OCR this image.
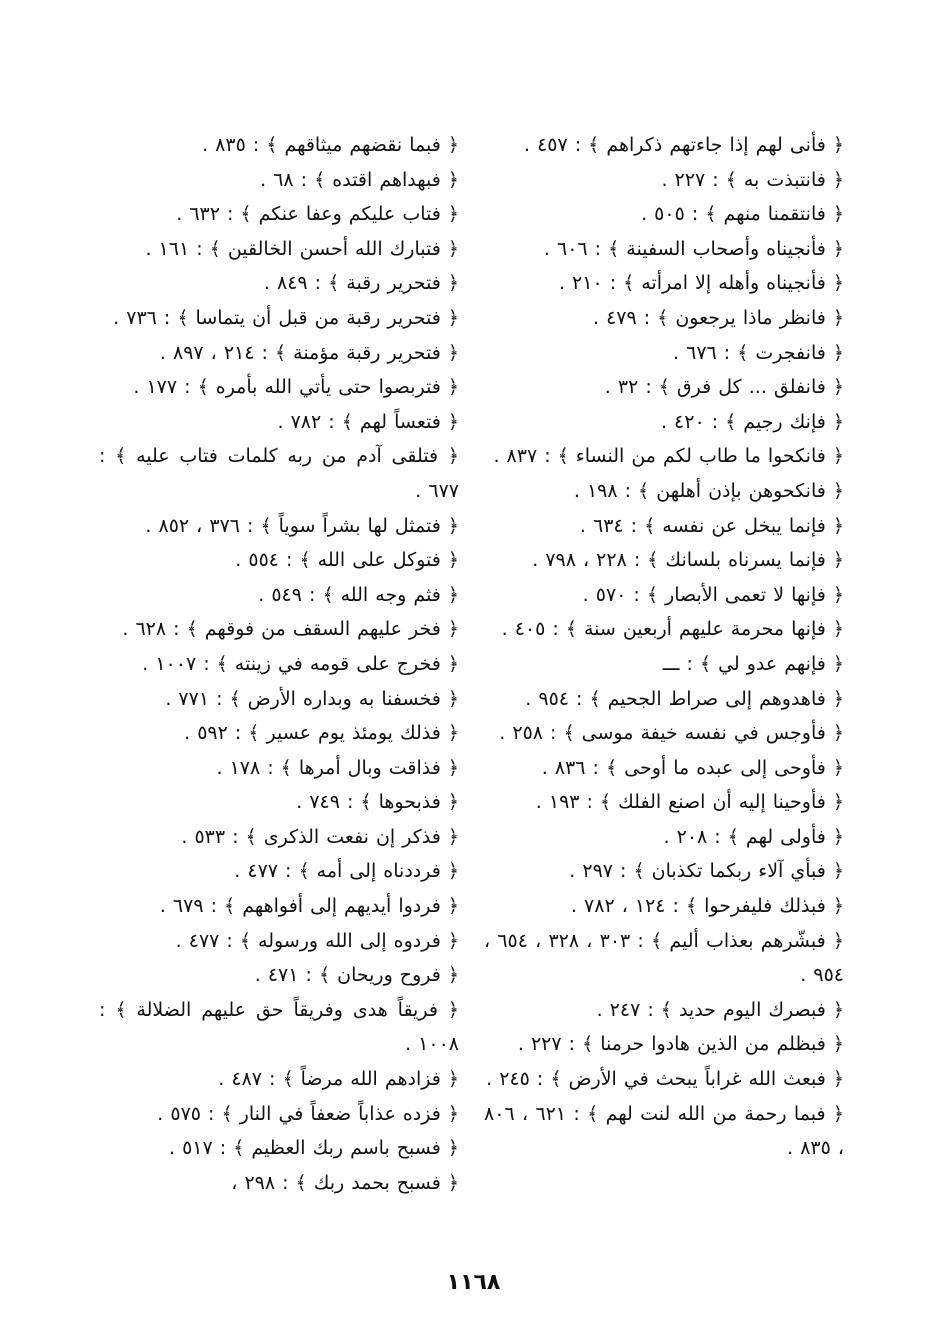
﴿ فأنى لهم إذا جاءتهم ذكراهم ﴾ : ٤٥٧ .
﴿ فانتبذت به ﴾ : ٢٢٧ .
﴿ فانتقمنا منهم ﴾ : ٥٠٥ .
﴿ فأنجيناه وأصحاب السفينة ﴾ : ٦٠٦ .
﴿ فأنجيناه وأهله إلا امرأته ﴾ : ٢١٠ .
﴿ فانظر ماذا يرجعون ﴾ : ٤٧٩ .
﴿ فانفجرت ﴾ : ٦٧٦ .
﴿ فانفلق ... كل فرق ﴾ : ٣٢ .
﴿ فإنك رجيم ﴾ : ٤٢٠ .
﴿ فانكحوا ما طاب لكم من النساء ﴾ : ٨٣٧ .
﴿ فانكحوهن بإذن أهلهن ﴾ : ١٩٨ .
﴿ فإنما يبخل عن نفسه ﴾ : ٦٣٤ .
﴿ فإنما يسرناه بلسانك ﴾ : ٢٢٨ ، ٧٩٨ .
﴿ فإنها لا تعمى الأبصار ﴾ : ٥٧٠ .
﴿ فإنها محرمة عليهم أربعين سنة ﴾ : ٤٠٥ .
﴿ فإنهم عدو لي ﴾ : ـــ
﴿ فاهدوهم إلى صراط الجحيم ﴾ : ٩٥٤ .
﴿ فأوجس في نفسه خيفة موسى ﴾ : ٢٥٨ .
﴿ فأوحى إلى عبده ما أوحى ﴾ : ٨٣٦ .
﴿ فأوحينا إليه أن اصنع الفلك ﴾ : ١٩٣ .
﴿ فأولى لهم ﴾ : ٢٠٨ .
﴿ فبأي آلاء ربكما تكذبان ﴾ : ٢٩٧ .
﴿ فبذلك فليفرحوا ﴾ : ١٢٤ ، ٧٨٢ .
﴿ فبشّرهم بعذاب أليم ﴾ : ٣٠٣ ، ٣٢٨ ، ٦٥٤ ، ٩٥٤ .
﴿ فبصرك اليوم حديد ﴾ : ٢٤٧ .
﴿ فبظلم من الذين هادوا حرمنا ﴾ : ٢٢٧ .
﴿ فبعث الله غراباً يبحث في الأرض ﴾ : ٢٤٥ .
﴿ فبما رحمة من الله لنت لهم ﴾ : ٦٢١ ، ٨٠٦ ، ٨٣٥ .
﴿ فبما نقضهم ميثاقهم ﴾ : ٨٣٥ .
﴿ فبهداهم اقتده ﴾ : ٦٨ .
﴿ فتاب عليكم وعفا عنكم ﴾ : ٦٣٢ .
﴿ فتبارك الله أحسن الخالقين ﴾ : ١٦١ .
﴿ فتحرير رقبة ﴾ : ٨٤٩ .
﴿ فتحرير رقبة من قبل أن يتماسا ﴾ : ٧٣٦ .
﴿ فتحرير رقبة مؤمنة ﴾ : ٢١٤ ، ٨٩٧ .
﴿ فتربصوا حتى يأتي الله بأمره ﴾ : ١٧٧ .
﴿ فتعساً لهم ﴾ : ٧٨٢ .
﴿ فتلقى آدم من ربه كلمات فتاب عليه ﴾ : ٦٧٧ .
﴿ فتمثل لها بشراً سوياً ﴾ : ٣٧٦ ، ٨٥٢ .
﴿ فتوكل على الله ﴾ : ٥٥٤ .
﴿ فثم وجه الله ﴾ : ٥٤٩ .
﴿ فخر عليهم السقف من فوقهم ﴾ : ٦٢٨ .
﴿ فخرج على قومه في زينته ﴾ : ١٠٠٧ .
﴿ فخسفنا به وبداره الأرض ﴾ : ٧٧١ .
﴿ فذلك يومئذ يوم عسير ﴾ : ٥٩٢ .
﴿ فذاقت وبال أمرها ﴾ : ١٧٨ .
﴿ فذبحوها ﴾ : ٧٤٩ .
﴿ فذكر إن نفعت الذكرى ﴾ : ٥٣٣ .
﴿ فرددناه إلى أمه ﴾ : ٤٧٧ .
﴿ فردوا أيديهم إلى أفواههم ﴾ : ٦٧٩ .
﴿ فردوه إلى الله ورسوله ﴾ : ٤٧٧ .
﴿ فروح وريحان ﴾ : ٤٧١ .
﴿ فريقاً هدى وفريقاً حق عليهم الضلالة ﴾ : ١٠٠٨ .
﴿ فزادهم الله مرضاً ﴾ : ٤٨٧ .
﴿ فزده عذاباً ضعفاً في النار ﴾ : ٥٧٥ .
﴿ فسبح باسم ربك العظيم ﴾ : ٥١٧ .
﴿ فسبح بحمد ربك ﴾ : ٢٩٨ ،
١١٦٨
